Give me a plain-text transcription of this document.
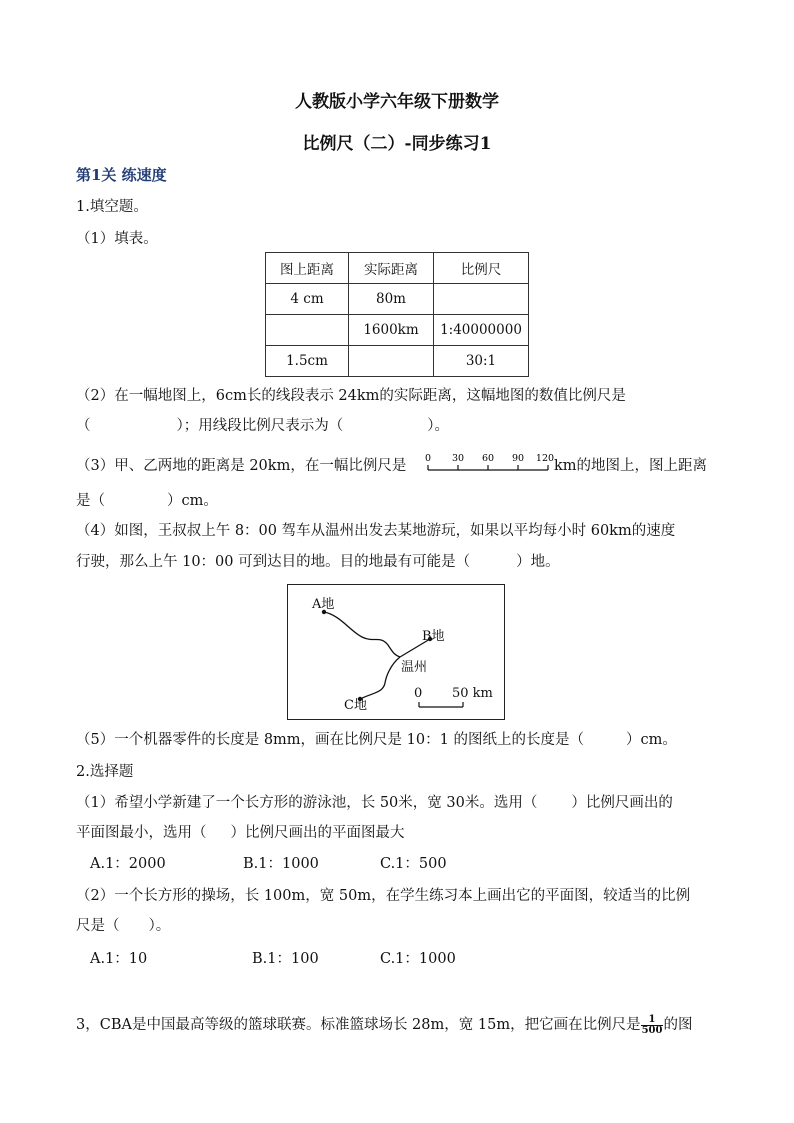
人教版小学六年级下册数学
比例尺（二）-同步练习1
第1关 练速度
1.填空题。
（1）填表。
图上距离	实际距离	比例尺
4 cm	80m	
	1600km	1:40000000
1.5cm		30:1
（2）在一幅地图上，6cm长的线段表示 24km的实际距离，这幅地图的数值比例尺是
（	）；用线段比例尺表示为（	）。
（3）甲、乙两地的距离是 20km，在一幅比例尺是 0 30 60 90 120 km的地图上，图上距离
是（	）cm。
（4）如图，王叔叔上午 8：00 驾车从温州出发去某地游玩，如果以平均每小时 60km的速度
行驶，那么上午 10：00 可到达目的地。目的地最有可能是（	）地。
A地
B地
温州
C地
0 50 km
（5）一个机器零件的长度是 8mm，画在比例尺是 10：1 的图纸上的长度是（	）cm。
2.选择题
（1）希望小学新建了一个长方形的游泳池，长 50米，宽 30米。选用（ ）比例尺画出的
平面图最小，选用（ ）比例尺画出的平面图最大
A.1：2000	B.1：1000	C.1：500
（2）一个长方形的操场，长 100m，宽 50m，在学生练习本上画出它的平面图，较适当的比例
尺是（　　）。
A.1：10	B.1：100	C.1：1000
3，CBA是中国最高等级的篮球联赛。标准篮球场长 28m，宽 15m，把它画在比例尺是 $\frac{1}{500}$ 的图
